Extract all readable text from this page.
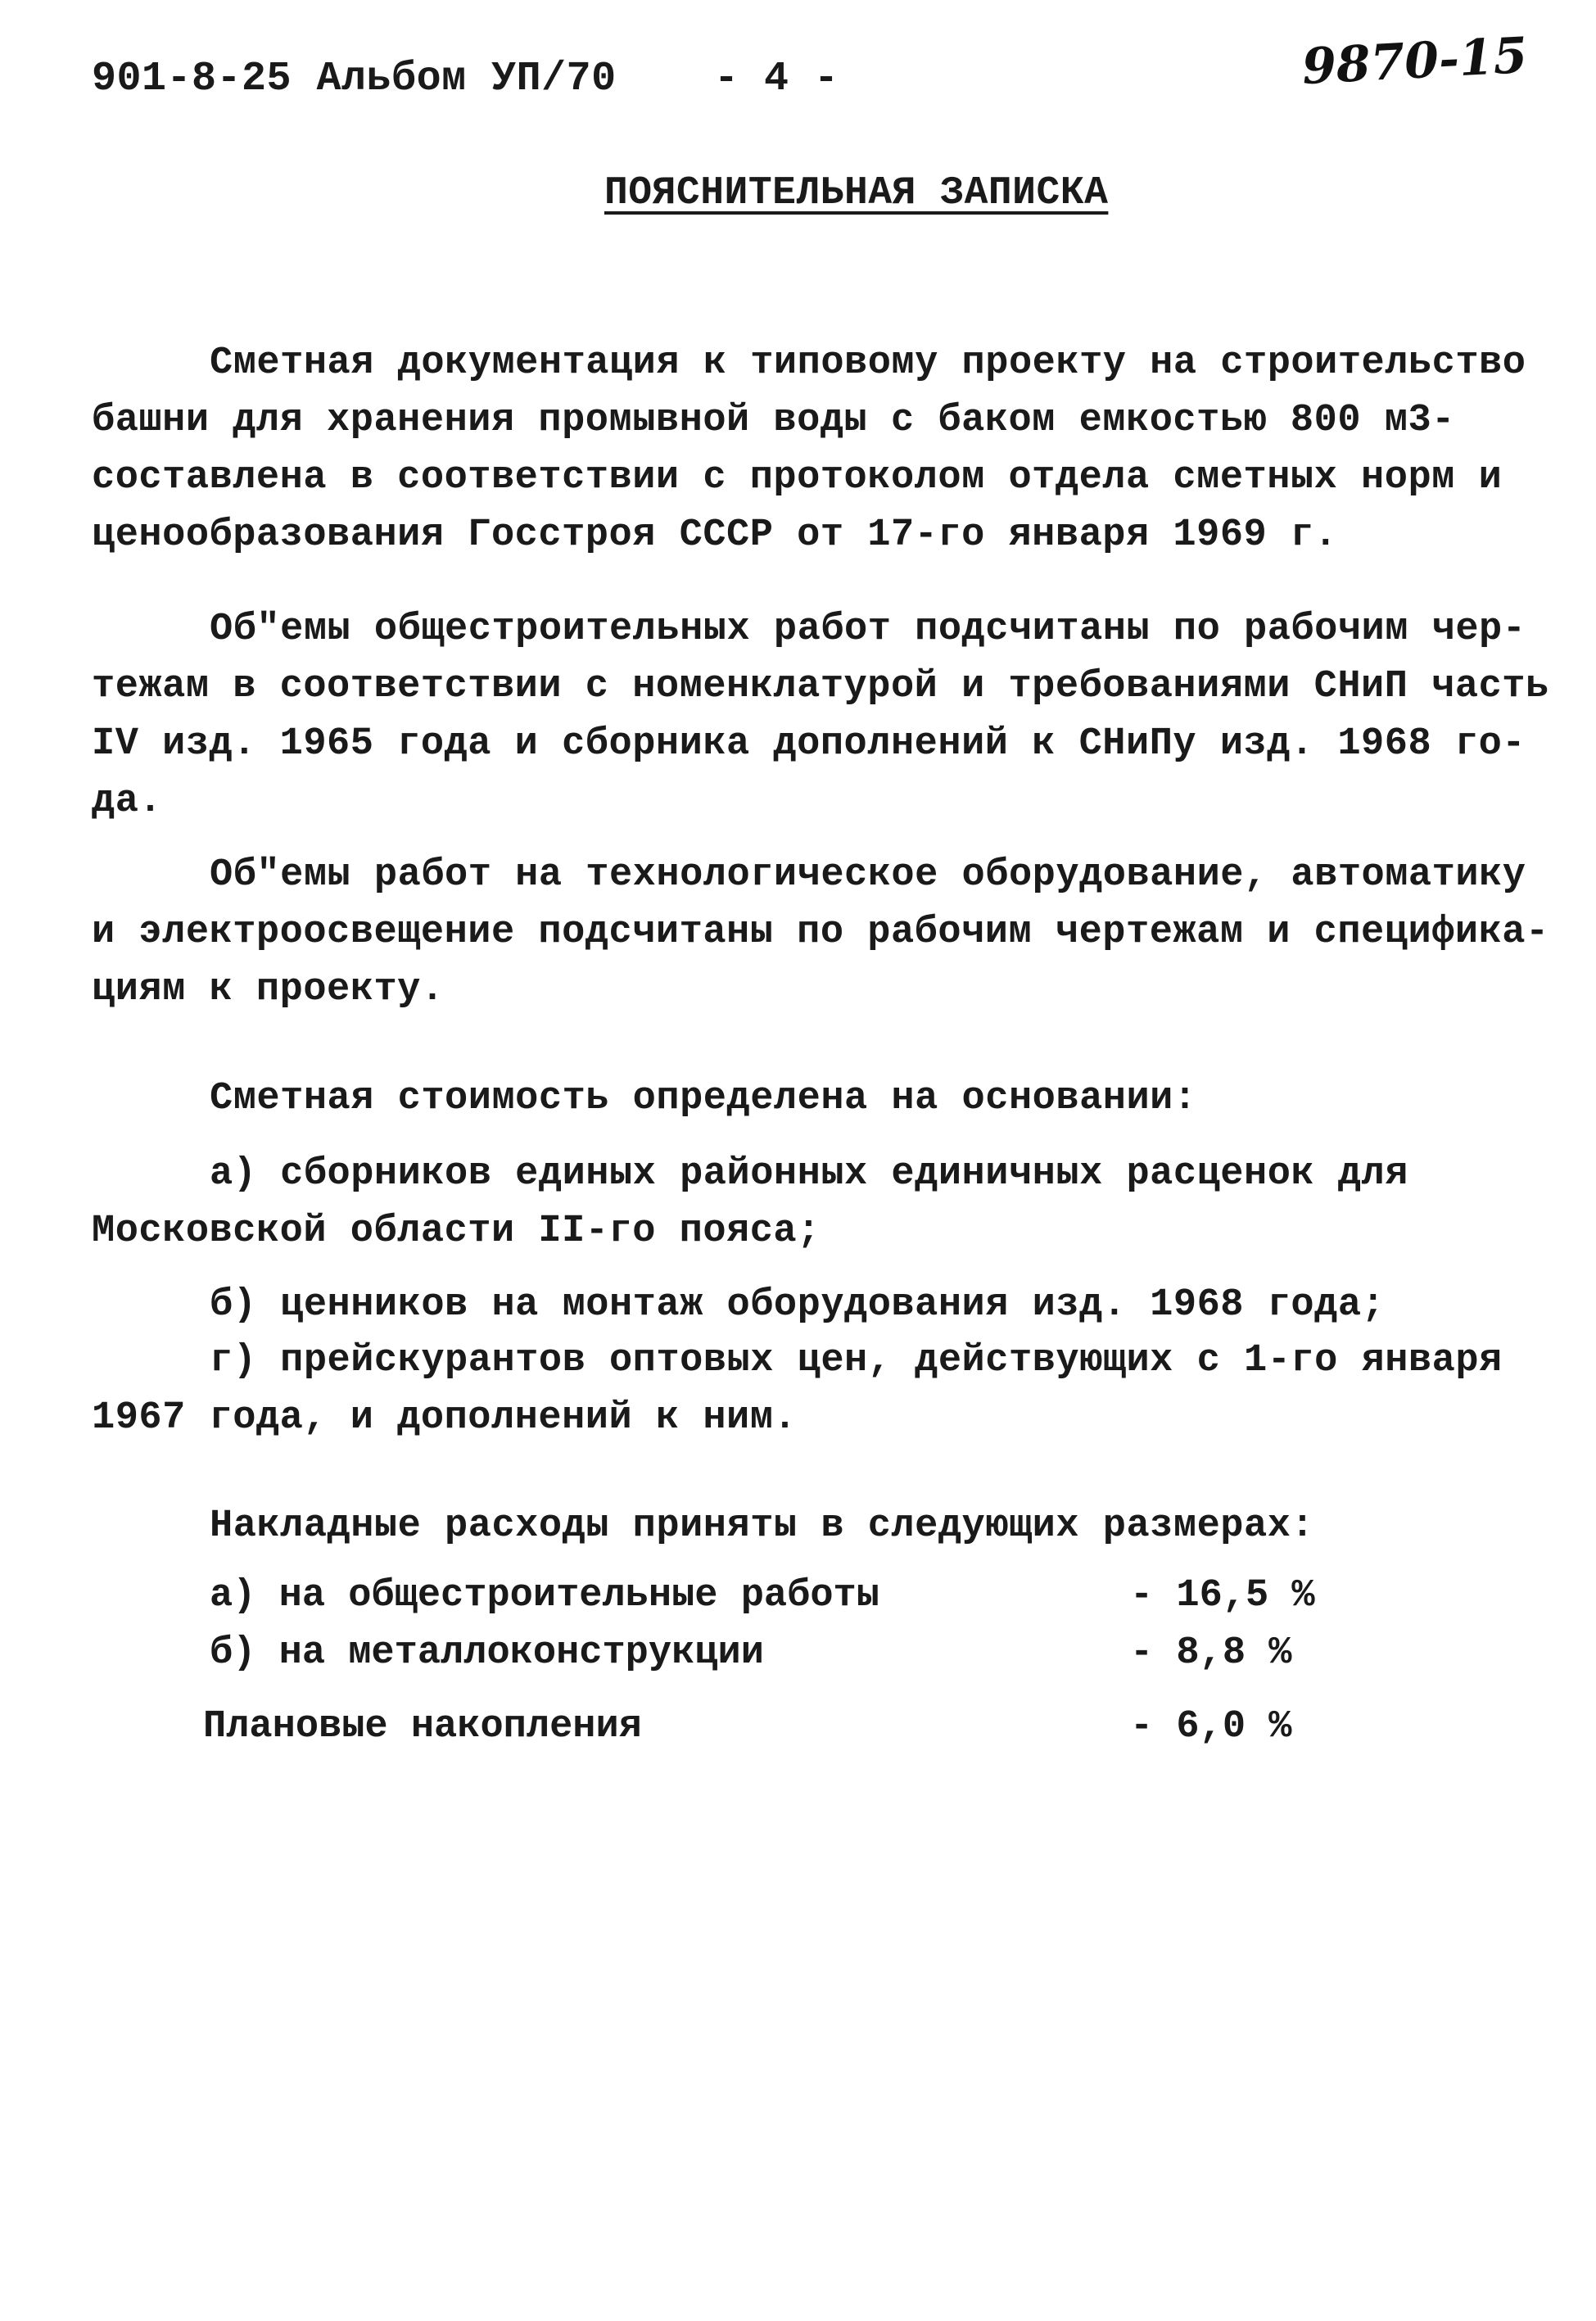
901-8-25 Альбом УП/70 - 4 -	9870-15
ПОЯСНИТЕЛЬНАЯ ЗАПИСКА
Сметная документация к типовому проекту на строительство
башни для хранения промывной воды с баком емкостью 800 м3-
составлена в соответствии с протоколом отдела сметных норм и
ценообразования Госстроя СССР от 17-го января 1969 г.
Об"емы общестроительных работ подсчитаны по рабочим чер-
тежам в соответствии с номенклатурой и требованиями СНиП часть
IV изд. 1965 года и сборника дополнений к СНиПу изд. 1968 го-
да.
Об"емы работ на технологическое оборудование, автоматику
и электроосвещение подсчитаны по рабочим чертежам и специфика-
циям к проекту.
Сметная стоимость определена на основании:
а) сборников единых районных единичных расценок для
Московской области II-го пояса;
б) ценников на монтаж оборудования изд. 1968 года;
г) прейскурантов оптовых цен, действующих с 1-го января
1967 года, и дополнений к ним.
Накладные расходы приняты в следующих размерах:
а) на общестроительные работы	- 16,5 %
б) на металлоконструкции	- 8,8 %
Плановые накопления	- 6,0 %
